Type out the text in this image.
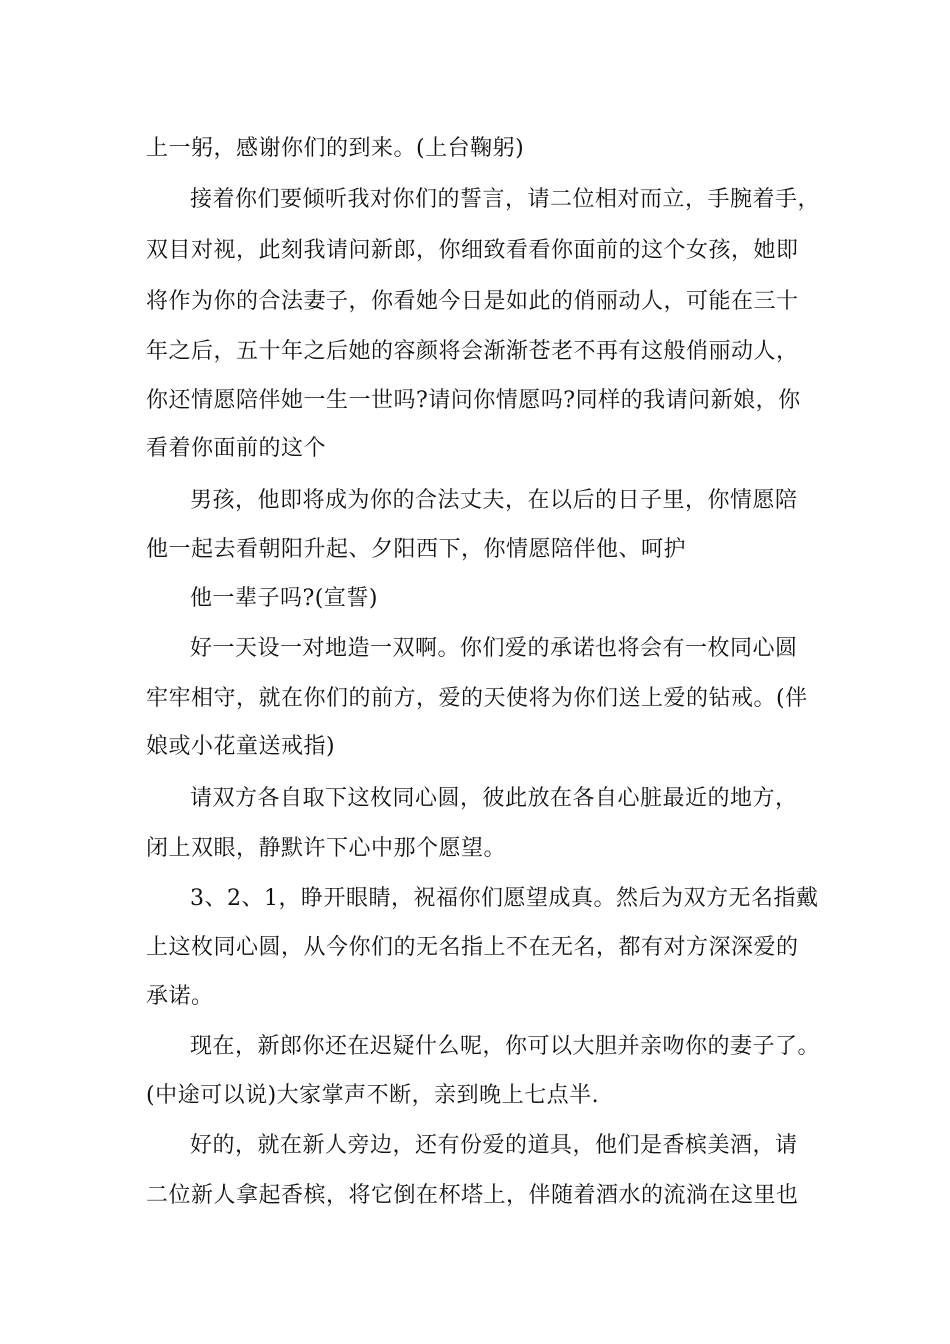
上一躬，感谢你们的到来。(上台鞠躬)
接着你们要倾听我对你们的誓言，请二位相对而立，手腕着手，
双目对视，此刻我请问新郎，你细致看看你面前的这个女孩，她即
将作为你的合法妻子，你看她今日是如此的俏丽动人，可能在三十
年之后，五十年之后她的容颜将会渐渐苍老不再有这般俏丽动人，
你还情愿陪伴她一生一世吗?请问你情愿吗?同样的我请问新娘，你
看着你面前的这个
男孩，他即将成为你的合法丈夫，在以后的日子里，你情愿陪
他一起去看朝阳升起、夕阳西下，你情愿陪伴他、呵护
他一辈子吗?(宣誓)
好一天设一对地造一双啊。你们爱的承诺也将会有一枚同心圆
牢牢相守，就在你们的前方，爱的天使将为你们送上爱的钻戒。(伴
娘或小花童送戒指)
请双方各自取下这枚同心圆，彼此放在各自心脏最近的地方，
闭上双眼，静默许下心中那个愿望。
3、2、1，睁开眼睛，祝福你们愿望成真。然后为双方无名指戴
上这枚同心圆，从今你们的无名指上不在无名，都有对方深深爱的
承诺。
现在，新郎你还在迟疑什么呢，你可以大胆并亲吻你的妻子了。
(中途可以说)大家掌声不断，亲到晚上七点半.
好的，就在新人旁边，还有份爱的道具，他们是香槟美酒，请
二位新人拿起香槟，将它倒在杯塔上，伴随着酒水的流淌在这里也
